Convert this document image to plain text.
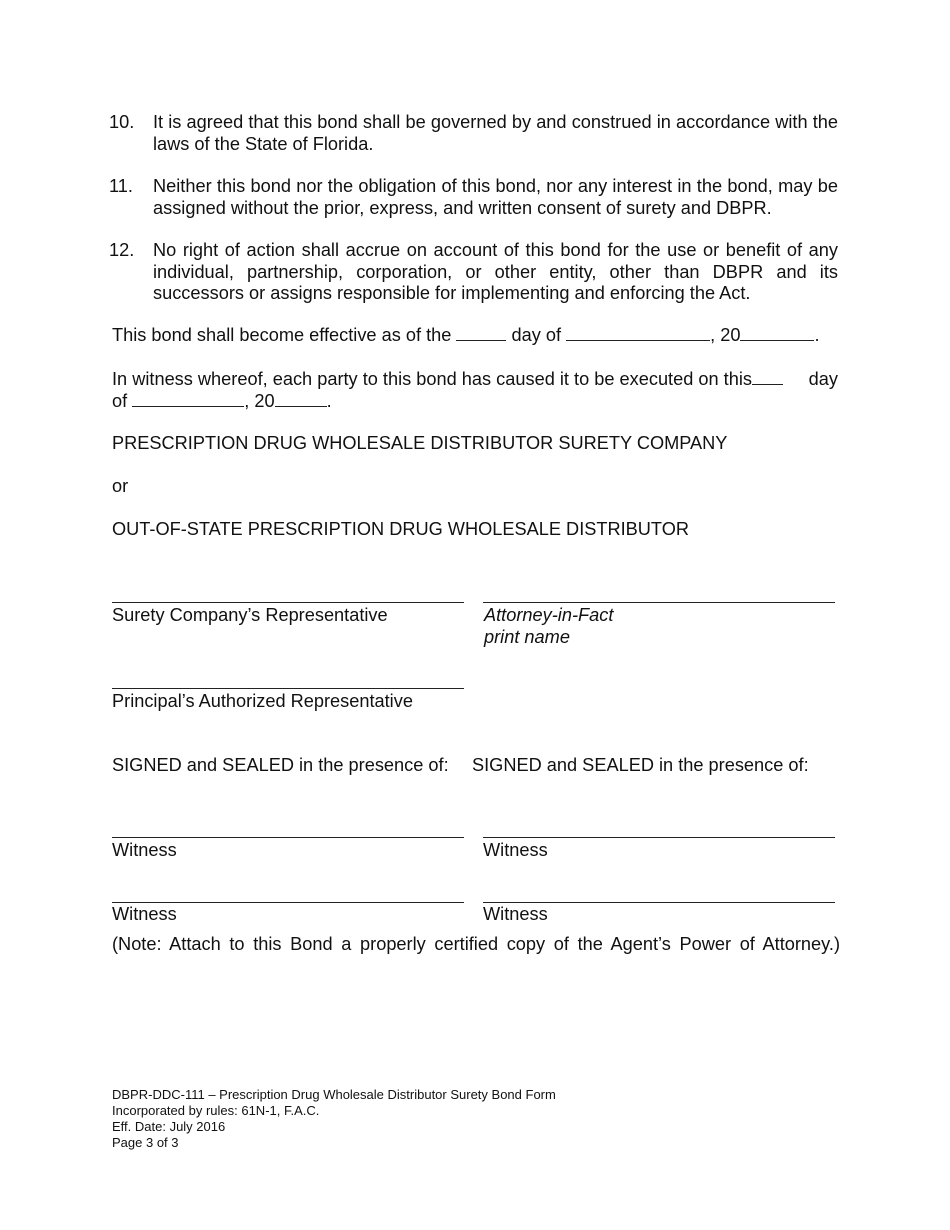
10. It is agreed that this bond shall be governed by and construed in accordance with the laws of the State of Florida.
11. Neither this bond nor the obligation of this bond, nor any interest in the bond, may be assigned without the prior, express, and written consent of surety and DBPR.
12. No right of action shall accrue on account of this bond for the use or benefit of any individual, partnership, corporation, or other entity, other than DBPR and its successors or assigns responsible for implementing and enforcing the Act.
This bond shall become effective as of the	day of	, 20	.
In witness whereof, each party to this bond has caused it to be executed on this	day
of	, 20	.
PRESCRIPTION DRUG WHOLESALE DISTRIBUTOR SURETY COMPANY
or
OUT-OF-STATE PRESCRIPTION DRUG WHOLESALE DISTRIBUTOR
Surety Company’s Representative	Attorney-in-Fact
print name
Principal’s Authorized Representative
SIGNED and SEALED in the presence of: SIGNED and SEALED in the presence of:
Witness	Witness
Witness	Witness
(Note: Attach to this Bond a properly certified copy of the Agent’s Power of Attorney.)
DBPR-DDC-111 – Prescription Drug Wholesale Distributor Surety Bond Form
Incorporated by rules: 61N-1, F.A.C.
Eff. Date: July 2016
Page 3 of 3
